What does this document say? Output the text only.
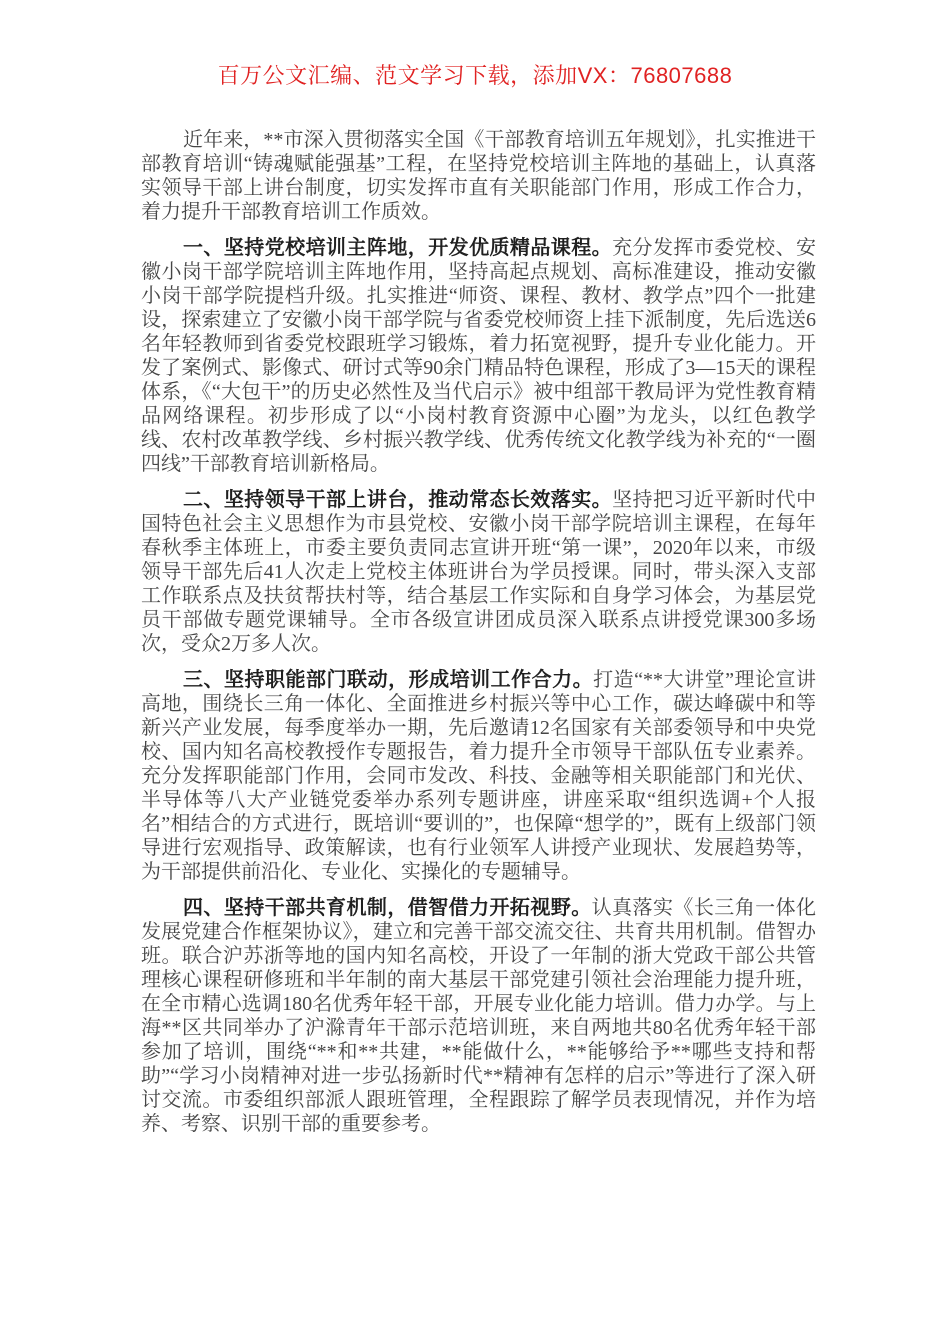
百万公文汇编、范文学习下载，添加VX：76807688

近年来，**市深入贯彻落实全国《干部教育培训五年规划》，扎实推进干部教育培训“铸魂赋能强基”工程，在坚持党校培训主阵地的基础上，认真落实领导干部上讲台制度，切实发挥市直有关职能部门作用，形成工作合力，着力提升干部教育培训工作质效。

一、坚持党校培训主阵地，开发优质精品课程。充分发挥市委党校、安徽小岗干部学院培训主阵地作用，坚持高起点规划、高标准建设，推动安徽小岗干部学院提档升级。扎实推进“师资、课程、教材、教学点”四个一批建设，探索建立了安徽小岗干部学院与省委党校师资上挂下派制度，先后选送6名年轻教师到省委党校跟班学习锻炼，着力拓宽视野，提升专业化能力。开发了案例式、影像式、研讨式等90余门精品特色课程，形成了3—15天的课程体系，《“大包干”的历史必然性及当代启示》被中组部干教局评为党性教育精品网络课程。初步形成了以“小岗村教育资源中心圈”为龙头，以红色教学线、农村改革教学线、乡村振兴教学线、优秀传统文化教学线为补充的“一圈四线”干部教育培训新格局。

二、坚持领导干部上讲台，推动常态长效落实。坚持把习近平新时代中国特色社会主义思想作为市县党校、安徽小岗干部学院培训主课程，在每年春秋季主体班上，市委主要负责同志宣讲开班“第一课”，2020年以来，市级领导干部先后41人次走上党校主体班讲台为学员授课。同时，带头深入支部工作联系点及扶贫帮扶村等，结合基层工作实际和自身学习体会，为基层党员干部做专题党课辅导。全市各级宣讲团成员深入联系点讲授党课300多场次，受众2万多人次。

三、坚持职能部门联动，形成培训工作合力。打造“**大讲堂”理论宣讲高地，围绕长三角一体化、全面推进乡村振兴等中心工作，碳达峰碳中和等新兴产业发展，每季度举办一期，先后邀请12名国家有关部委领导和中央党校、国内知名高校教授作专题报告，着力提升全市领导干部队伍专业素养。充分发挥职能部门作用，会同市发改、科技、金融等相关职能部门和光伏、半导体等八大产业链党委举办系列专题讲座，讲座采取“组织选调+个人报名”相结合的方式进行，既培训“要训的”，也保障“想学的”，既有上级部门领导进行宏观指导、政策解读，也有行业领军人讲授产业现状、发展趋势等，为干部提供前沿化、专业化、实操化的专题辅导。

四、坚持干部共育机制，借智借力开拓视野。认真落实《长三角一体化发展党建合作框架协议》，建立和完善干部交流交往、共育共用机制。借智办班。联合沪苏浙等地的国内知名高校，开设了一年制的浙大党政干部公共管理核心课程研修班和半年制的南大基层干部党建引领社会治理能力提升班，在全市精心选调180名优秀年轻干部，开展专业化能力培训。借力办学。与上海**区共同举办了沪滁青年干部示范培训班，来自两地共80名优秀年轻干部参加了培训，围绕“**和**共建，**能做什么，**能够给予**哪些支持和帮助”“学习小岗精神对进一步弘扬新时代**精神有怎样的启示”等进行了深入研讨交流。市委组织部派人跟班管理，全程跟踪了解学员表现情况，并作为培养、考察、识别干部的重要参考。
